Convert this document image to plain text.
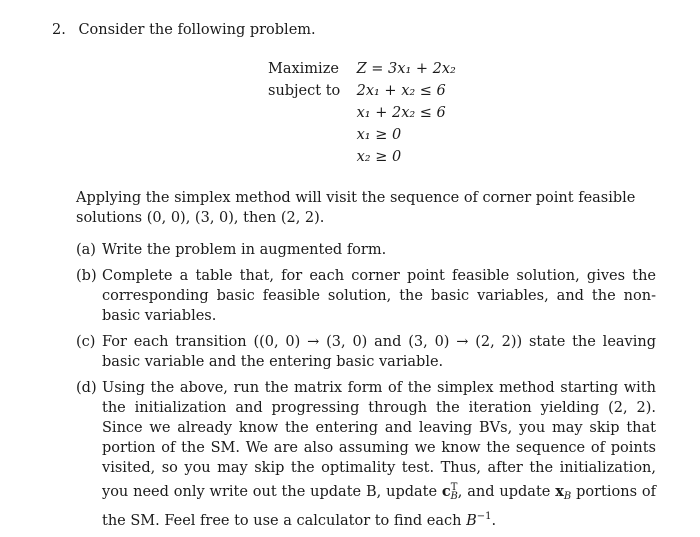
2. Consider the following problem.

Maximize Z = 3x₁ + 2x₂
subject to 2x₁ + x₂ ≤ 6
x₁ + 2x₂ ≤ 6
x₁ ≥ 0
x₂ ≥ 0

Applying the simplex method will visit the sequence of corner point feasible solutions (0, 0), (3, 0), then (2, 2).

(a) Write the problem in augmented form.
(b) Complete a table that, for each corner point feasible solution, gives the corresponding basic feasible solution, the basic variables, and the non-basic variables.
(c) For each transition ((0, 0) → (3, 0) and (3, 0) → (2, 2)) state the leaving basic variable and the entering basic variable.
(d) Using the above, run the matrix form of the simplex method starting with the initialization and progressing through the iteration yielding (2, 2). Since we already know the entering and leaving BVs, you may skip that portion of the SM. We are also assuming we know the sequence of points visited, so you may skip the optimality test. Thus, after the initialization, you need only write out the update B, update $c^T_B$, and update $x_B$ portions of the SM. Feel free to use a calculator to find each $B^{-1}$.
